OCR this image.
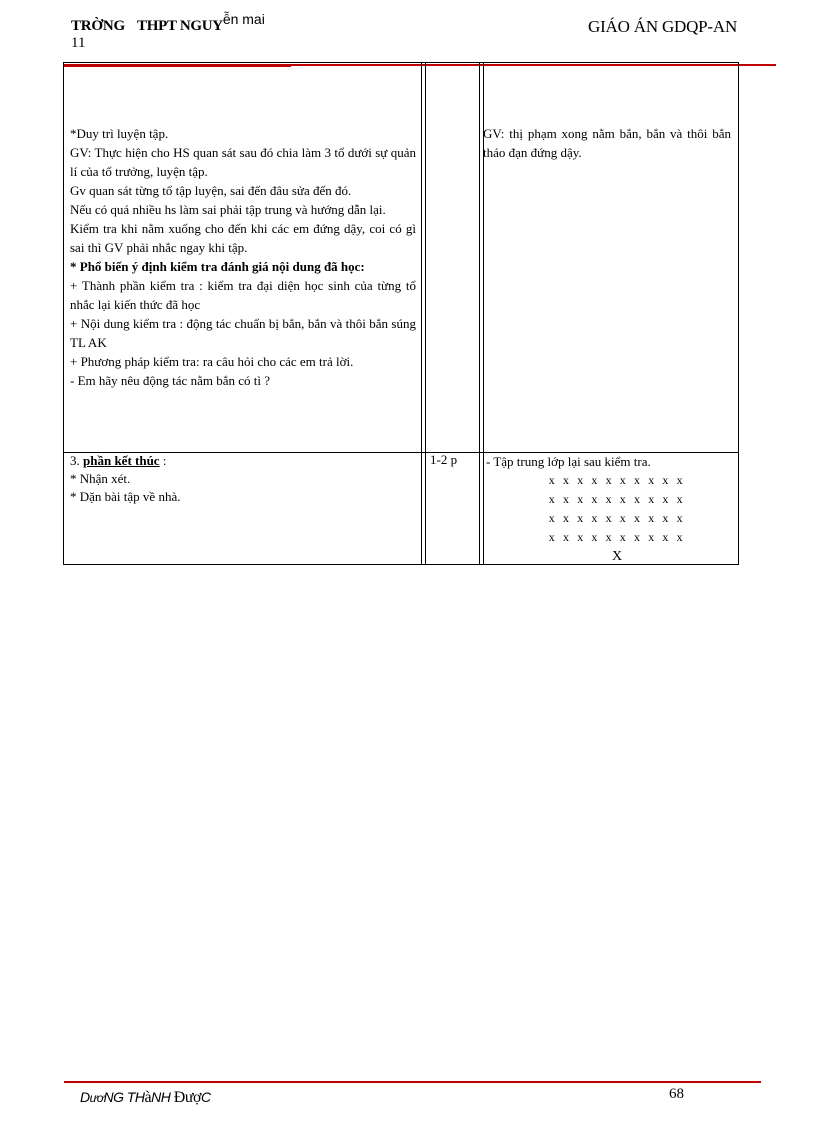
TRỜNG THPT NGUYễn mai
11
GIÁO ÁN GDQP-AN
*Duy trì luyện tập.
GV: Thực hiện cho HS quan sát sau đó chia làm 3 tổ dưới sự quản lí của tổ trưởng, luyện tập.
Gv quan sát từng tổ tập luyện, sai đến đâu sửa đến đó.
Nếu có quá nhiều hs làm sai phải tập trung và hướng dẫn lại.
Kiểm tra khi nằm xuống cho đến khi các em đứng dậy, coi có gì sai thì GV phải nhắc ngay khi tập.
* Phổ biến ý định kiểm tra đánh giá nội dung đã học:
+ Thành phần kiểm tra : kiểm tra đại diện học sinh của từng tổ nhắc lại kiến thức đã học
+ Nội dung kiểm tra : động tác chuẩn bị bắn, bắn và thôi bắn súng TL AK
+ Phương pháp kiểm tra: ra câu hỏi cho các em trả lời.
- Em hãy nêu động tác nằm bắn có tì ?
GV: thị phạm xong nằm bắn, bắn và thôi bắn tháo đạn đứng dậy.
3. phần kết thúc :
* Nhận xét.
* Dặn bài tập về nhà.
1-2 p - Tập trung lớp lại sau kiểm tra.
x x x x x x x x x x
x x x x x x x x x x
x x x x x x x x x x
x x x x x x x x x x
X
DươNG THàNH ĐượC	68
